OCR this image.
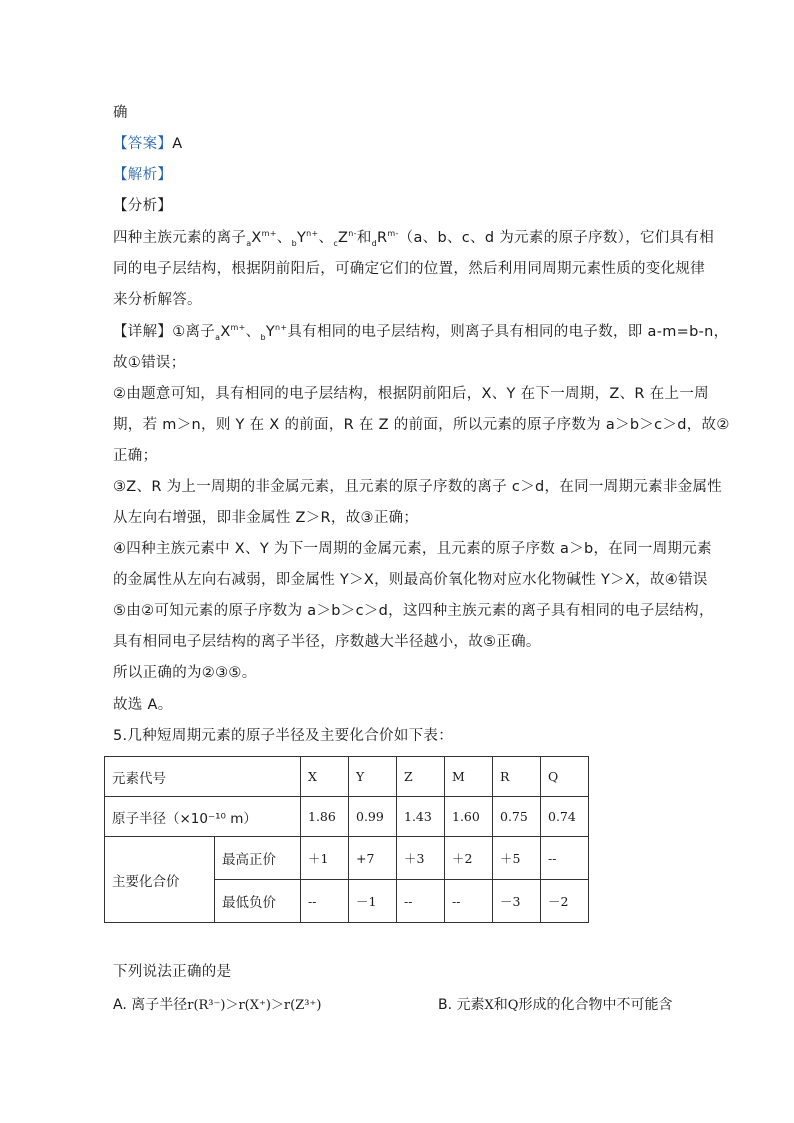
确
【答案】A
【解析】
【分析】
四种主族元素的离子$_aX^{m+}$、$_bY^{n+}$、$_cZ^{n-}$和$_dR^{m-}(a$、b、c、d 为元素的原子序数），它们具有相
同的电子层结构，根据阴前阳后，可确定它们的位置，然后利用同周期元素性质的变化规律
来分析解答。
【详解】①离子$_aX^{m+}$、$_bY^{n+}$具有相同的电子层结构，则离子具有相同的电子数，即 a-m=b-n，
故①错误；
②由题意可知，具有相同的电子层结构，根据阴前阳后，X、Y 在下一周期，Z、R 在上一周
期，若 m＞n，则 Y 在 X 的前面，R 在 Z 的前面，所以元素的原子序数为 a＞b＞c＞d，故②
正确；
③Z、R 为上一周期的非金属元素，且元素的原子序数的离子 c＞d，在同一周期元素非金属性
从左向右增强，即非金属性 Z＞R，故③正确；
④四种主族元素中 X、Y 为下一周期的金属元素，且元素的原子序数 a＞b，在同一周期元素
的金属性从左向右减弱，即金属性 Y＞X，则最高价氧化物对应水化物碱性 Y＞X，故④错误
⑤由②可知元素的原子序数为 a＞b＞c＞d，这四种主族元素的离子具有相同的电子层结构，
具有相同电子层结构的离子半径，序数越大半径越小，故⑤正确。
所以正确的为②③⑤。
故选 A。
5.几种短周期元素的原子半径及主要化合价如下表：
元素代号		X	Y	Z	M	R	Q
原子半径（×10⁻¹⁰ m）		1.86	0.99	1.43	1.60	0.75	0.74
主要化合价	最高正价	＋1	+7	＋3	＋2	＋5	--
	最低负价	--	－1	--	--	－3	－2
下列说法正确的是
A. 离子半径r(R³⁻)＞r(X⁺)＞r(Z³⁺)	B. 元素X和Q形成的化合物中不可能含
